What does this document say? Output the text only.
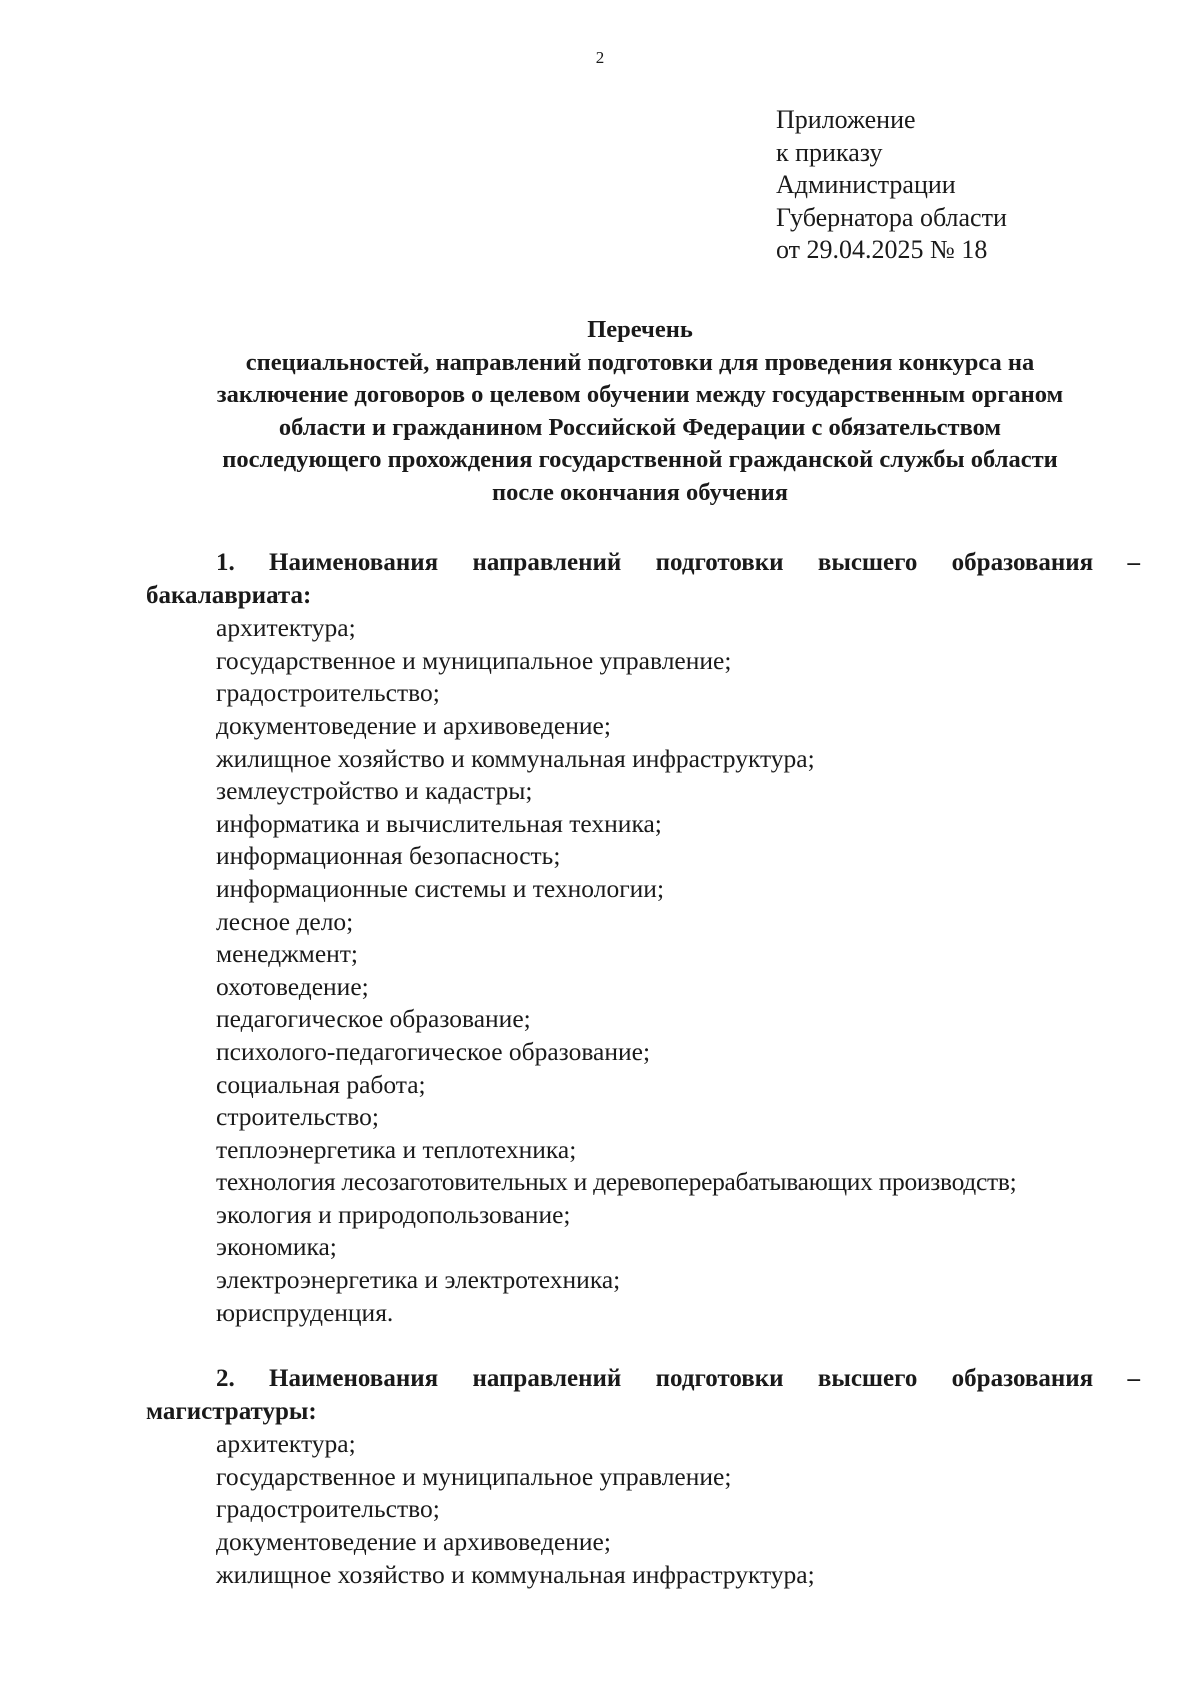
2
Приложение
к приказу
Администрации
Губернатора области
от 29.04.2025 № 18
Перечень
специальностей, направлений подготовки для проведения конкурса на
заключение договоров о целевом обучении между государственным органом
области и гражданином Российской Федерации с обязательством
последующего прохождения государственной гражданской службы области
после окончания обучения

1. Наименования направлений подготовки высшего образования – бакалавриата:

архитектура;
государственное и муниципальное управление;
градостроительство;
документоведение и архивоведение;
жилищное хозяйство и коммунальная инфраструктура;
землеустройство и кадастры;
информатика и вычислительная техника;
информационная безопасность;
информационные системы и технологии;
лесное дело;
менеджмент;
охотоведение;
педагогическое образование;
психолого-педагогическое образование;
социальная работа;
строительство;
теплоэнергетика и теплотехника;
технология лесозаготовительных и деревоперерабатывающих производств;
экология и природопользование;
экономика;
электроэнергетика и электротехника;
юриспруденция.

2. Наименования направлений подготовки высшего образования – магистратуры:

архитектура;
государственное и муниципальное управление;
градостроительство;
документоведение и архивоведение;
жилищное хозяйство и коммунальная инфраструктура;
